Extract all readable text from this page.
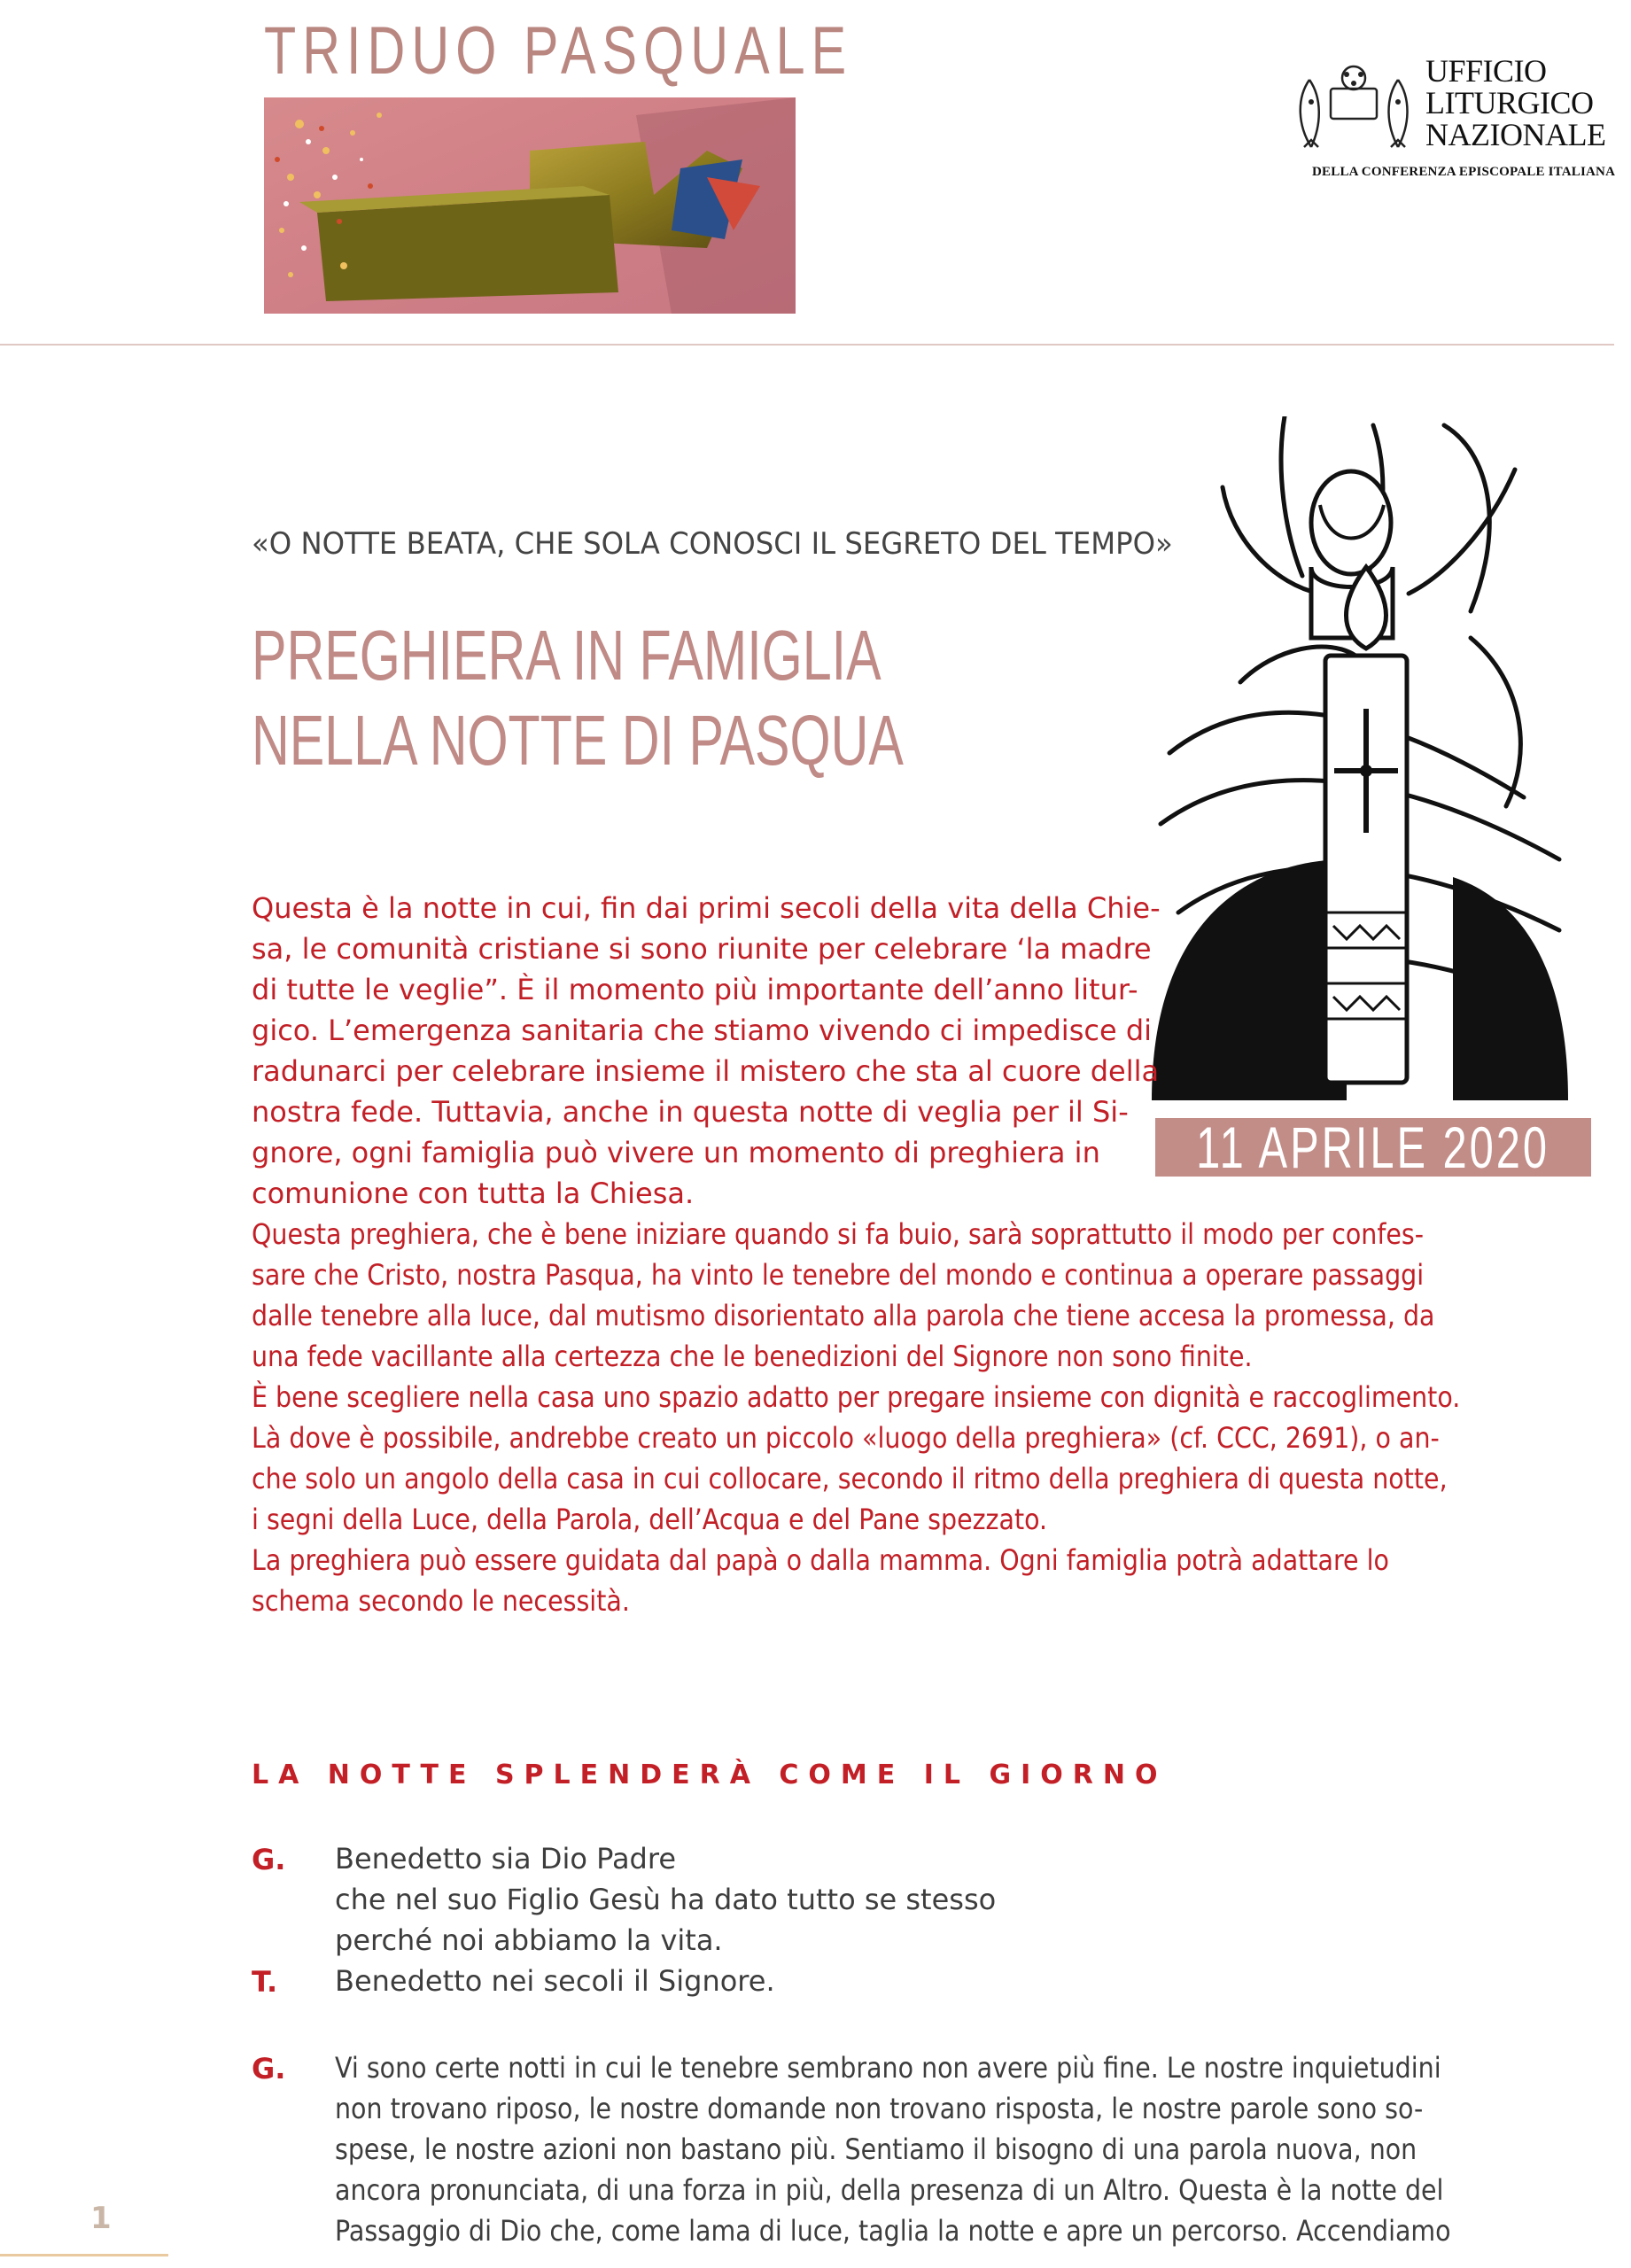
TRIDUO PASQUALE	UFFICIO
LITURGICO
NAZIONALE
DELLA CONFERENZA EPISCOPALE ITALIANA
«O NOTTE BEATA, CHE SOLA CONOSCI IL SEGRETO DEL TEMPO»
PREGHIERA IN FAMIGLIA
NELLA NOTTE DI PASQUA
11 APRILE 2020
Questa è la notte in cui, fin dai primi secoli della vita della Chie-
sa, le comunità cristiane si sono riunite per celebrare ‘la madre
di tutte le veglie”. È il momento più importante dell’anno litur-
gico. L’emergenza sanitaria che stiamo vivendo ci impedisce di
radunarci per celebrare insieme il mistero che sta al cuore della
nostra fede. Tuttavia, anche in questa notte di veglia per il Si-
gnore, ogni famiglia può vivere un momento di preghiera in
comunione con tutta la Chiesa.
Questa preghiera, che è bene iniziare quando si fa buio, sarà soprattutto il modo per confes-
sare che Cristo, nostra Pasqua, ha vinto le tenebre del mondo e continua a operare passaggi
dalle tenebre alla luce, dal mutismo disorientato alla parola che tiene accesa la promessa, da
una fede vacillante alla certezza che le benedizioni del Signore non sono finite.
È bene scegliere nella casa uno spazio adatto per pregare insieme con dignità e raccoglimento.
Là dove è possibile, andrebbe creato un piccolo «luogo della preghiera» (cf. CCC, 2691), o an-
che solo un angolo della casa in cui collocare, secondo il ritmo della preghiera di questa notte,
i segni della Luce, della Parola, dell’Acqua e del Pane spezzato.
La preghiera può essere guidata dal papà o dalla mamma. Ogni famiglia potrà adattare lo
schema secondo le necessità.
LA NOTTE SPLENDERÀ COME IL GIORNO
G. Benedetto sia Dio Padre
che nel suo Figlio Gesù ha dato tutto se stesso
perché noi abbiamo la vita.
T. Benedetto nei secoli il Signore.
G. Vi sono certe notti in cui le tenebre sembrano non avere più fine. Le nostre inquietudini
non trovano riposo, le nostre domande non trovano risposta, le nostre parole sono so-
spese, le nostre azioni non bastano più. Sentiamo il bisogno di una parola nuova, non
ancora pronunciata, di una forza in più, della presenza di un Altro. Questa è la notte del
Passaggio di Dio che, come lama di luce, taglia la notte e apre un percorso. Accendiamo
1
